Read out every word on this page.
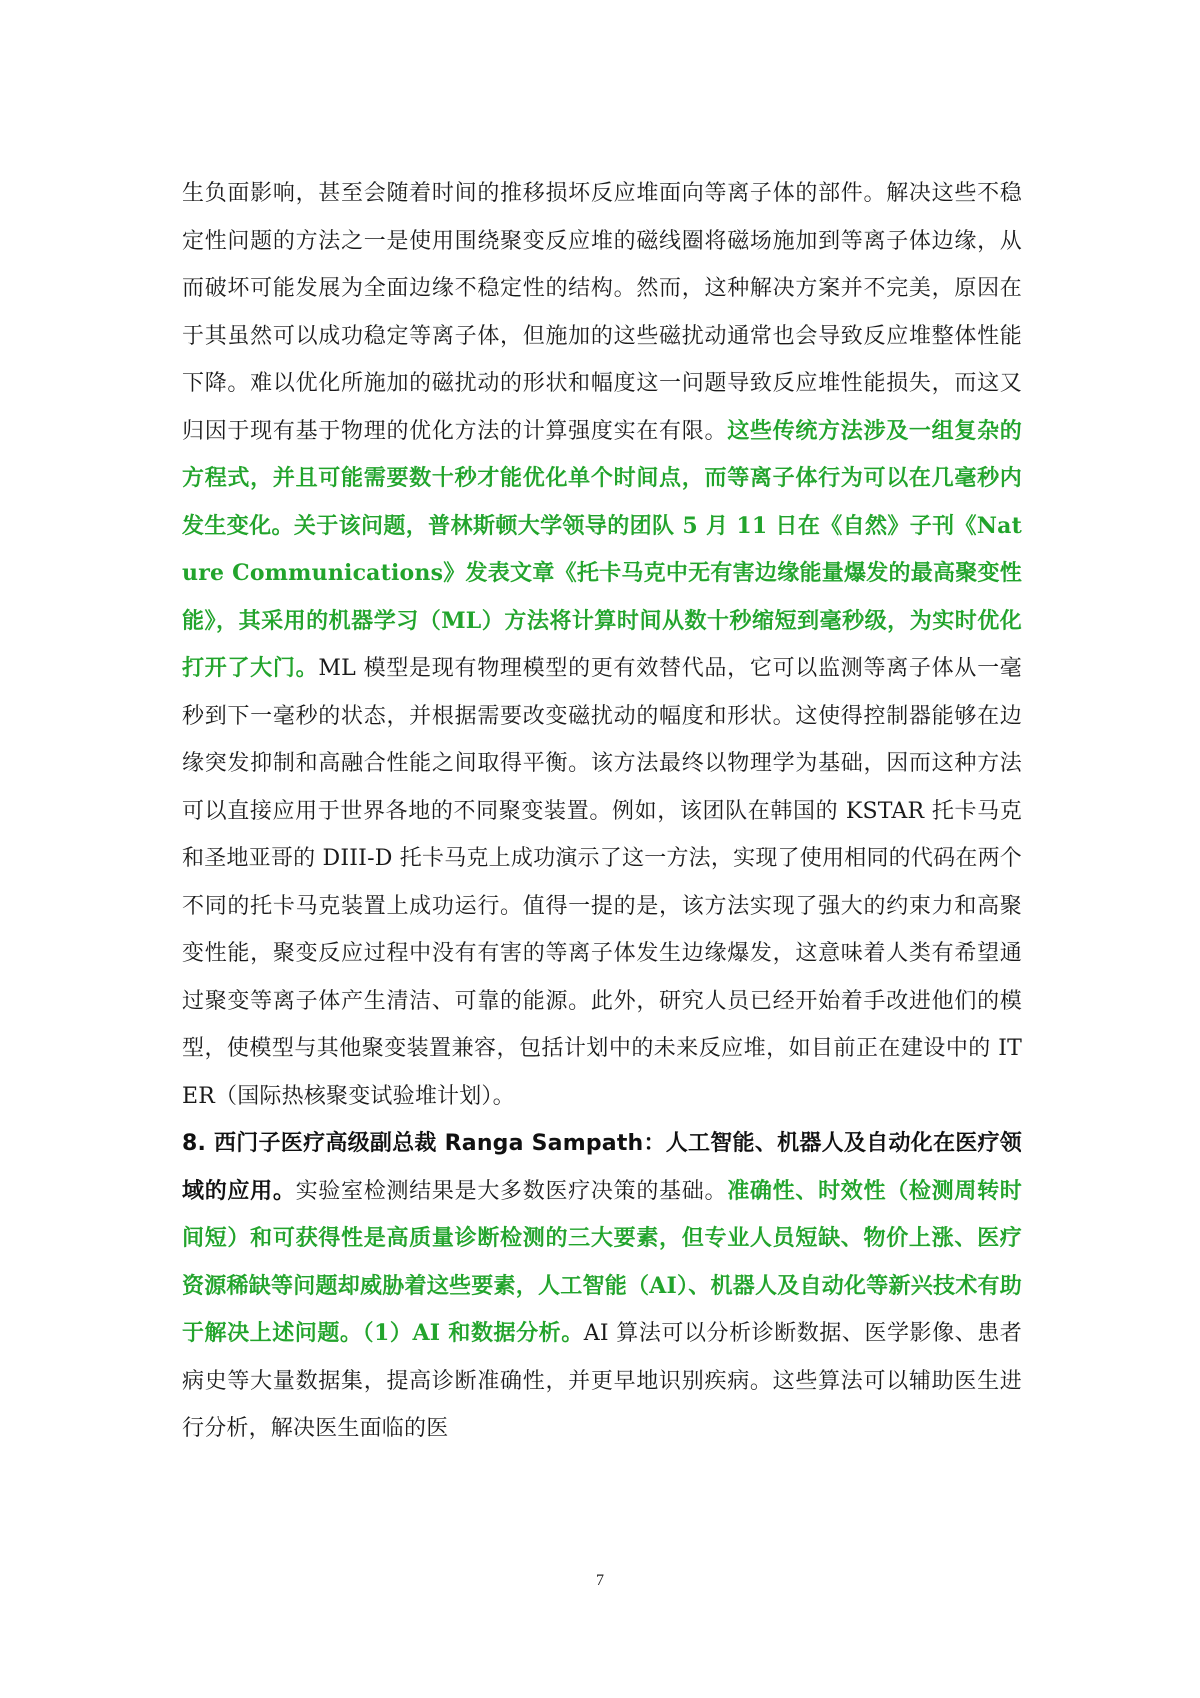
生负面影响，甚至会随着时间的推移损坏反应堆面向等离子体的部件。解决这些不稳定性问题的方法之一是使用围绕聚变反应堆的磁线圈将磁场施加到等离子体边缘，从而破坏可能发展为全面边缘不稳定性的结构。然而，这种解决方案并不完美，原因在于其虽然可以成功稳定等离子体，但施加的这些磁扰动通常也会导致反应堆整体性能下降。难以优化所施加的磁扰动的形状和幅度这一问题导致反应堆性能损失，而这又归因于现有基于物理的优化方法的计算强度实在有限。这些传统方法涉及一组复杂的方程式，并且可能需要数十秒才能优化单个时间点，而等离子体行为可以在几毫秒内发生变化。关于该问题，普林斯顿大学领导的团队 5 月 11 日在《自然》子刊《Nature Communications》发表文章《托卡马克中无有害边缘能量爆发的最高聚变性能》，其采用的机器学习（ML）方法将计算时间从数十秒缩短到毫秒级，为实时优化打开了大门。ML 模型是现有物理模型的更有效替代品，它可以监测等离子体从一毫秒到下一毫秒的状态，并根据需要改变磁扰动的幅度和形状。这使得控制器能够在边缘突发抑制和高融合性能之间取得平衡。该方法最终以物理学为基础，因而这种方法可以直接应用于世界各地的不同聚变装置。例如，该团队在韩国的 KSTAR 托卡马克和圣地亚哥的 DIII-D 托卡马克上成功演示了这一方法，实现了使用相同的代码在两个不同的托卡马克装置上成功运行。值得一提的是，该方法实现了强大的约束力和高聚变性能，聚变反应过程中没有有害的等离子体发生边缘爆发，这意味着人类有希望通过聚变等离子体产生清洁、可靠的能源。此外，研究人员已经开始着手改进他们的模型，使模型与其他聚变装置兼容，包括计划中的未来反应堆，如目前正在建设中的 ITER（国际热核聚变试验堆计划）。

8. 西门子医疗高级副总裁 Ranga Sampath：人工智能、机器人及自动化在医疗领域的应用。实验室检测结果是大多数医疗决策的基础。准确性、时效性（检测周转时间短）和可获得性是高质量诊断检测的三大要素，但专业人员短缺、物价上涨、医疗资源稀缺等问题却威胁着这些要素，人工智能（AI）、机器人及自动化等新兴技术有助于解决上述问题。（1）AI 和数据分析。AI 算法可以分析诊断数据、医学影像、患者病史等大量数据集，提高诊断准确性，并更早地识别疾病。这些算法可以辅助医生进行分析，解决医生面临的医

7
